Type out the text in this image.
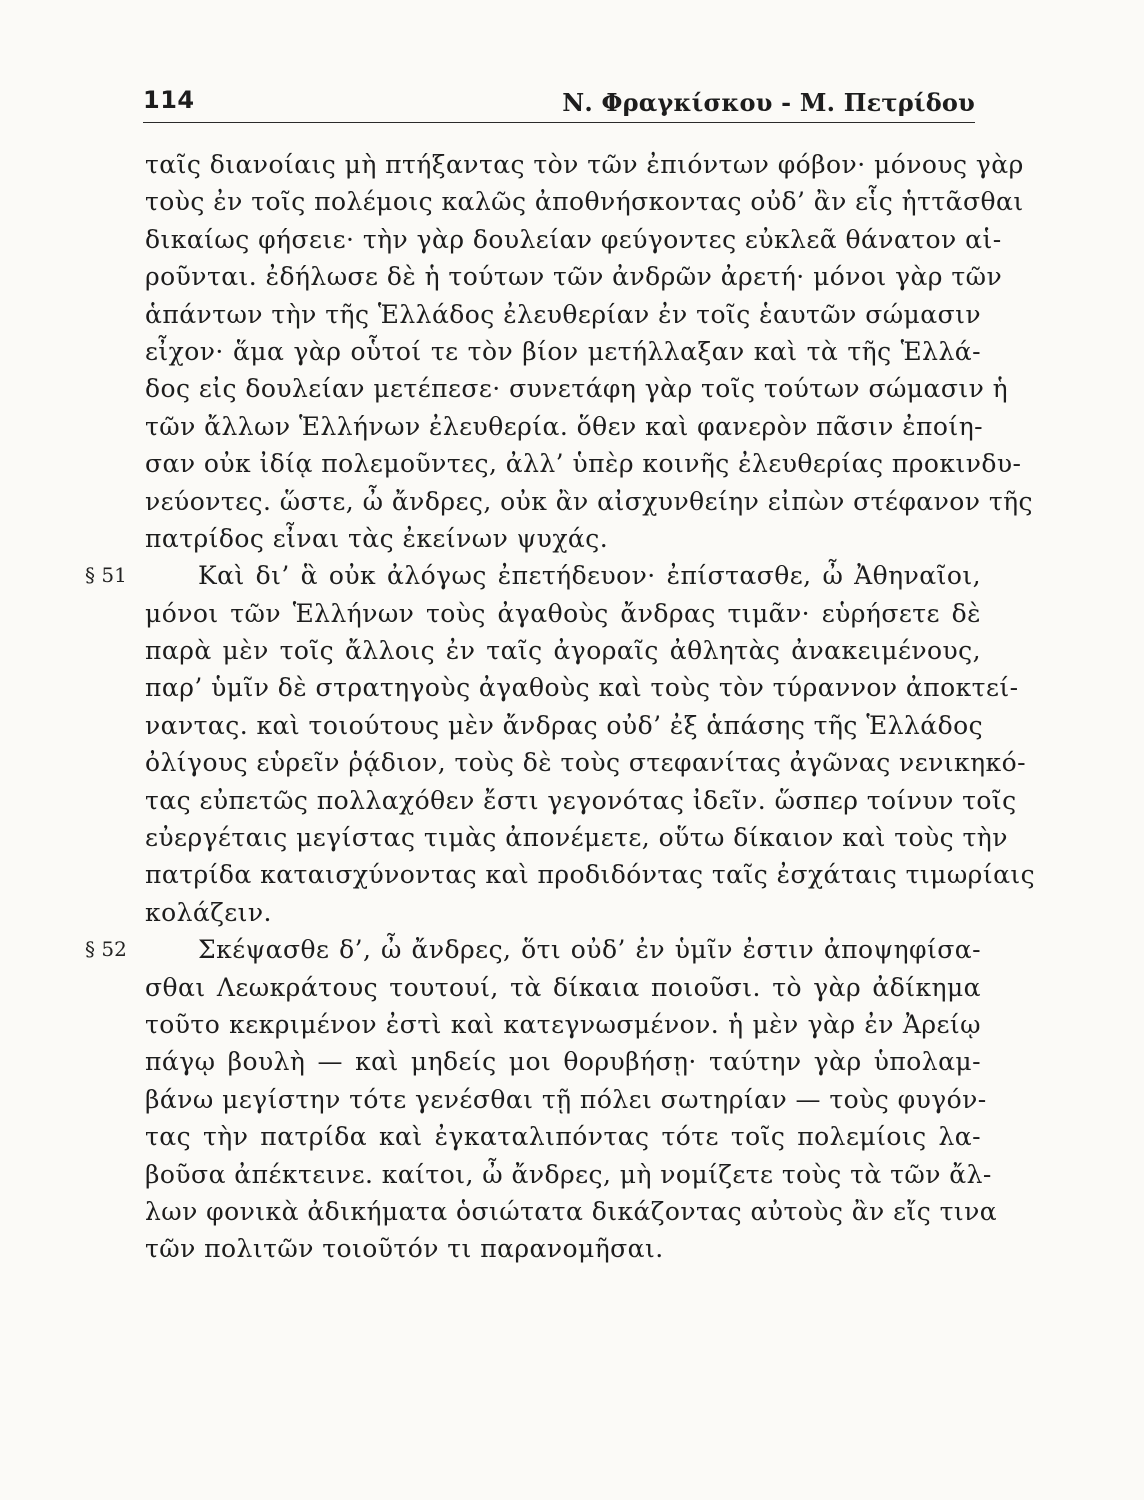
114	Ν. Φραγκίσκου - Μ. Πετρίδου
ταῖς διανοίαις μὴ πτήξαντας τὸν τῶν ἐπιόντων φόβον· μόνους γὰρ
τοὺς ἐν τοῖς πολέμοις καλῶς ἀποθνήσκοντας οὐδ’ ἂν εἷς ἡττᾶσθαι
δικαίως φήσειε· τὴν γὰρ δουλείαν φεύγοντες εὐκλεᾶ θάνατον αἱ-
ροῦνται. ἐδήλωσε δὲ ἡ τούτων τῶν ἀνδρῶν ἀρετή· μόνοι γὰρ τῶν
ἁπάντων τὴν τῆς Ἑλλάδος ἐλευθερίαν ἐν τοῖς ἑαυτῶν σώμασιν
εἶχον· ἅμα γὰρ οὗτοί τε τὸν βίον μετήλλαξαν καὶ τὰ τῆς Ἑλλά-
δος εἰς δουλείαν μετέπεσε· συνετάφη γὰρ τοῖς τούτων σώμασιν ἡ
τῶν ἄλλων Ἑλλήνων ἐλευθερία. ὅθεν καὶ φανερὸν πᾶσιν ἐποίη-
σαν οὐκ ἰδίᾳ πολεμοῦντες, ἀλλ’ ὑπὲρ κοινῆς ἐλευθερίας προκινδυ-
νεύοντες. ὥστε, ὦ ἄνδρες, οὐκ ἂν αἰσχυνθείην εἰπὼν στέφανον τῆς
πατρίδος εἶναι τὰς ἐκείνων ψυχάς.
§ 51	Καὶ δι’ ἃ οὐκ ἀλόγως ἐπετήδευον· ἐπίστασθε, ὦ Ἀθηναῖοι,
μόνοι τῶν Ἑλλήνων τοὺς ἀγαθοὺς ἄνδρας τιμᾶν· εὑρήσετε δὲ
παρὰ μὲν τοῖς ἄλλοις ἐν ταῖς ἀγοραῖς ἀθλητὰς ἀνακειμένους,
παρ’ ὑμῖν δὲ στρατηγοὺς ἀγαθοὺς καὶ τοὺς τὸν τύραννον ἀποκτεί-
ναντας. καὶ τοιούτους μὲν ἄνδρας οὐδ’ ἐξ ἁπάσης τῆς Ἑλλάδος
ὀλίγους εὑρεῖν ῥᾴδιον, τοὺς δὲ τοὺς στεφανίτας ἀγῶνας νενικηκό-
τας εὐπετῶς πολλαχόθεν ἔστι γεγονότας ἰδεῖν. ὥσπερ τοίνυν τοῖς
εὐεργέταις μεγίστας τιμὰς ἀπονέμετε, οὕτω δίκαιον καὶ τοὺς τὴν
πατρίδα καταισχύνοντας καὶ προδιδόντας ταῖς ἐσχάταις τιμωρίαις
κολάζειν.
§ 52	Σκέψασθε δ’, ὦ ἄνδρες, ὅτι οὐδ’ ἐν ὑμῖν ἐστιν ἀποψηφίσα-
σθαι Λεωκράτους τουτουί, τὰ δίκαια ποιοῦσι. τὸ γὰρ ἀδίκημα
τοῦτο κεκριμένον ἐστὶ καὶ κατεγνωσμένον. ἡ μὲν γὰρ ἐν Ἀρείῳ
πάγῳ βουλὴ — καὶ μηδείς μοι θορυβήσῃ· ταύτην γὰρ ὑπολαμ-
βάνω μεγίστην τότε γενέσθαι τῇ πόλει σωτηρίαν — τοὺς φυγόν-
τας τὴν πατρίδα καὶ ἐγκαταλιπόντας τότε τοῖς πολεμίοις λα-
βοῦσα ἀπέκτεινε. καίτοι, ὦ ἄνδρες, μὴ νομίζετε τοὺς τὰ τῶν ἄλ-
λων φονικὰ ἀδικήματα ὁσιώτατα δικάζοντας αὐτοὺς ἂν εἴς τινα
τῶν πολιτῶν τοιοῦτόν τι παρανομῆσαι.
